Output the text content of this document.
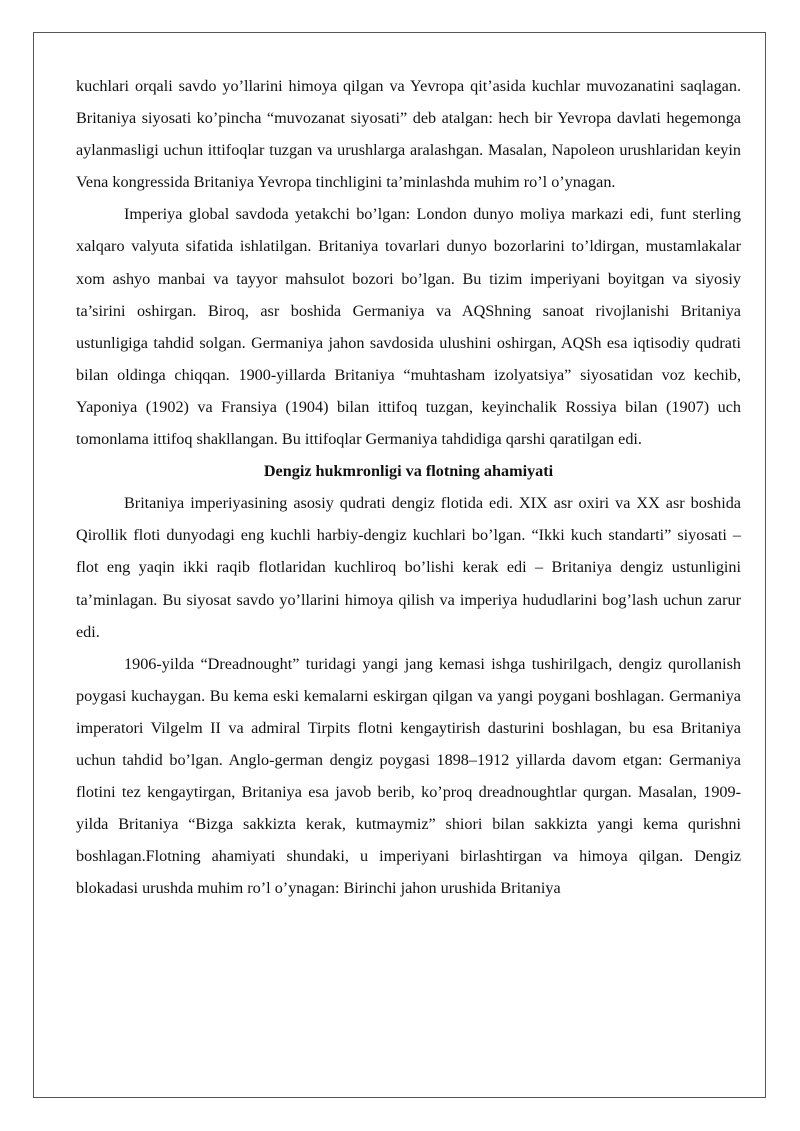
kuchlari orqali savdo yo’llarini himoya qilgan va Yevropa qit’asida kuchlar muvozanatini saqlagan. Britaniya siyosati ko’pincha “muvozanat siyosati” deb atalgan: hech bir Yevropa davlati hegemonga aylanmasligi uchun ittifoqlar tuzgan va urushlarga aralashgan. Masalan, Napoleon urushlaridan keyin Vena kongressida Britaniya Yevropa tinchligini ta’minlashda muhim ro’l o’ynagan.

Imperiya global savdoda yetakchi bo’lgan: London dunyo moliya markazi edi, funt sterling xalqaro valyuta sifatida ishlatilgan. Britaniya tovarlari dunyo bozorlarini to’ldirgan, mustamlakalar xom ashyo manbai va tayyor mahsulot bozori bo’lgan. Bu tizim imperiyani boyitgan va siyosiy ta’sirini oshirgan. Biroq, asr boshida Germaniya va AQShning sanoat rivojlanishi Britaniya ustunligiga tahdid solgan. Germaniya jahon savdosida ulushini oshirgan, AQSh esa iqtisodiy qudrati bilan oldinga chiqqan. 1900-yillarda Britaniya “muhtasham izolyatsiya” siyosatidan voz kechib, Yaponiya (1902) va Fransiya (1904) bilan ittifoq tuzgan, keyinchalik Rossiya bilan (1907) uch tomonlama ittifoq shakllangan. Bu ittifoqlar Germaniya tahdidiga qarshi qaratilgan edi.

Dengiz hukmronligi va flotning ahamiyati

Britaniya imperiyasining asosiy qudrati dengiz flotida edi. XIX asr oxiri va XX asr boshida Qirollik floti dunyodagi eng kuchli harbiy-dengiz kuchlari bo’lgan. “Ikki kuch standarti” siyosati – flot eng yaqin ikki raqib flotlaridan kuchliroq bo’lishi kerak edi – Britaniya dengiz ustunligini ta’minlagan. Bu siyosat savdo yo’llarini himoya qilish va imperiya hududlarini bog’lash uchun zarur edi.

1906-yilda “Dreadnought” turidagi yangi jang kemasi ishga tushirilgach, dengiz qurollanish poygasi kuchaygan. Bu kema eski kemalarni eskirgan qilgan va yangi poygani boshlagan. Germaniya imperatori Vilgelm II va admiral Tirpits flotni kengaytirish dasturini boshlagan, bu esa Britaniya uchun tahdid bo’lgan. Anglo-german dengiz poygasi 1898–1912 yillarda davom etgan: Germaniya flotini tez kengaytirgan, Britaniya esa javob berib, ko’proq dreadnoughtlar qurgan. Masalan, 1909-yilda Britaniya “Bizga sakkizta kerak, kutmaymiz” shiori bilan sakkizta yangi kema qurishni boshlagan.Flotning ahamiyati shundaki, u imperiyani birlashtirgan va himoya qilgan. Dengiz blokadasi urushda muhim ro’l o’ynagan: Birinchi jahon urushida Britaniya
